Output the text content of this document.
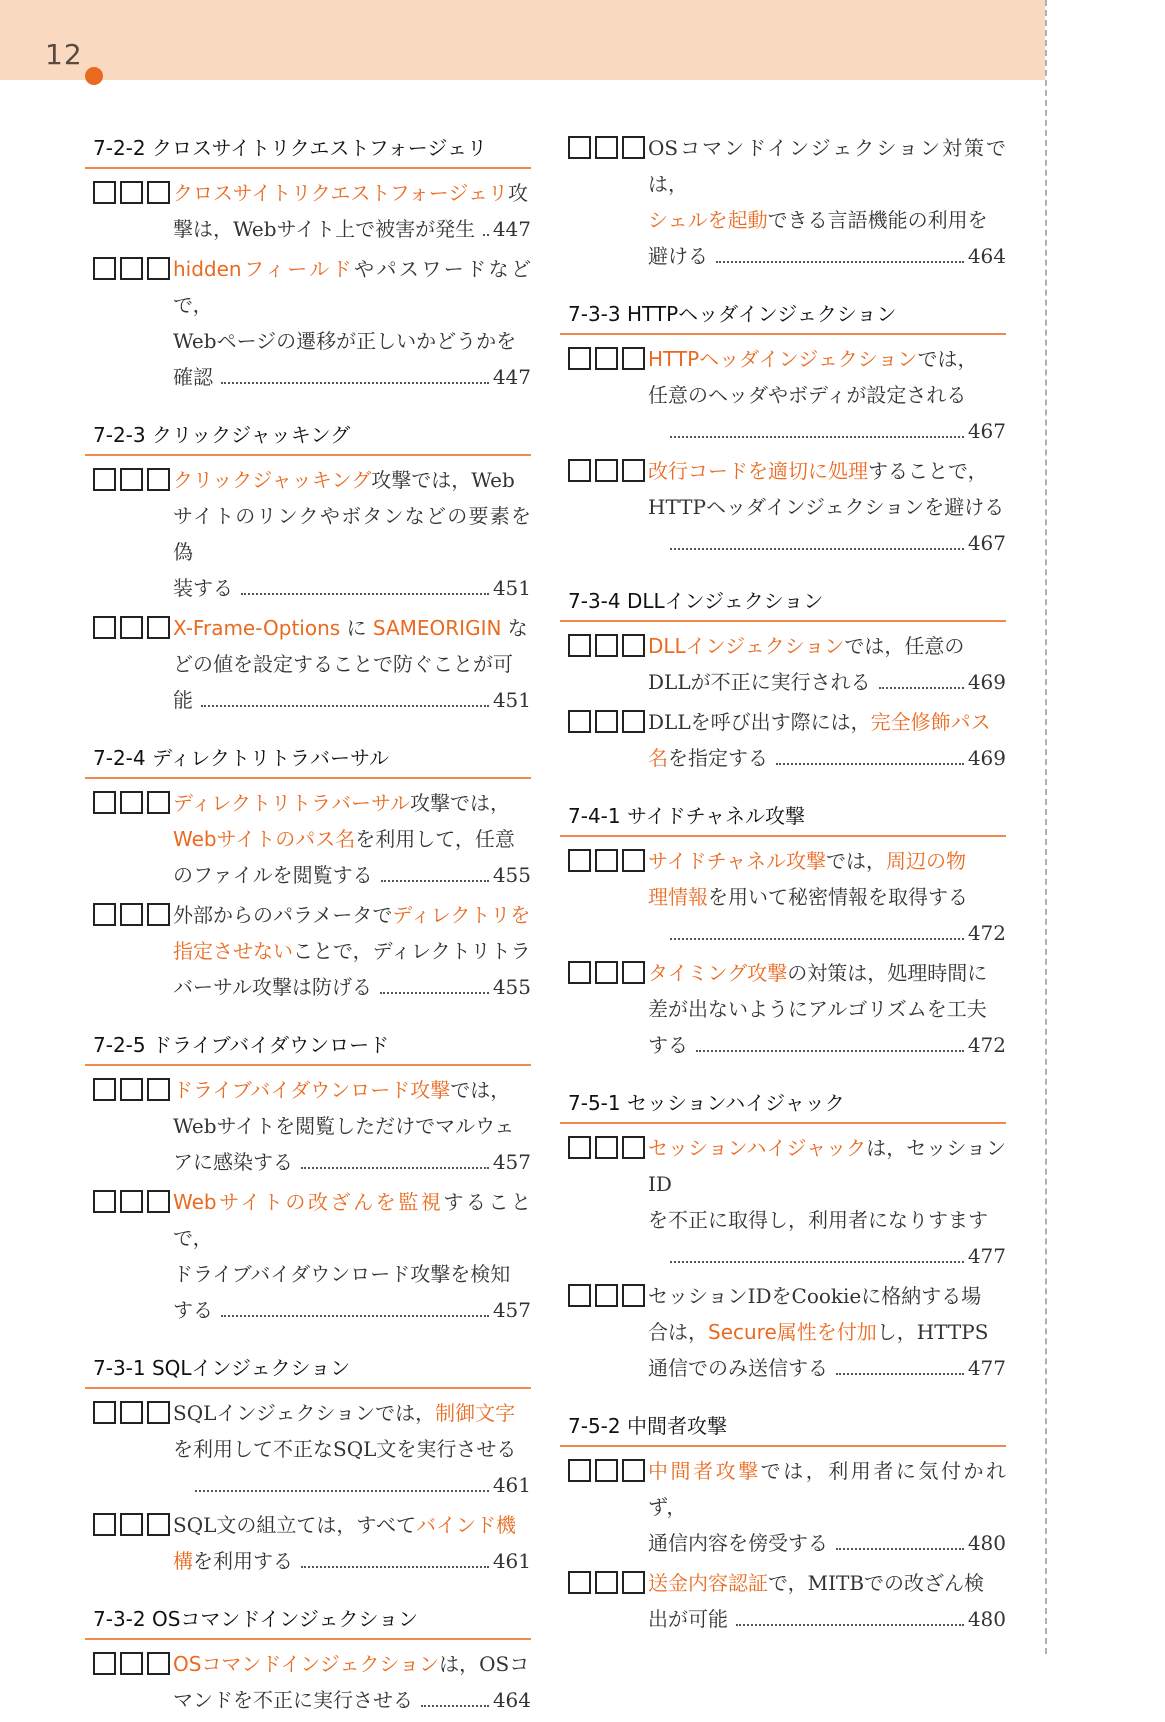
12
7-2-2 クロスサイトリクエストフォージェリ
クロスサイトリクエストフォージェリ攻
撃は，Webサイト上で被害が発生 447
hiddenフィールドやパスワードなどで，
Webページの遷移が正しいかどうかを
確認	447
7-2-3 クリックジャッキング
クリックジャッキング攻撃では，Web
サイトのリンクやボタンなどの要素を偽
装する	451
X-Frame-Options に SAMEORIGIN な
どの値を設定することで防ぐことが可
能	451
7-2-4 ディレクトリトラバーサル
ディレクトリトラバーサル攻撃では，
Webサイトのパス名を利用して，任意
のファイルを閲覧する	455
外部からのパラメータでディレクトリを
指定させないことで，ディレクトリトラ
バーサル攻撃は防げる	455
7-2-5 ドライブバイダウンロード
ドライブバイダウンロード攻撃では，
Webサイトを閲覧しただけでマルウェ
アに感染する	457
Webサイトの改ざんを監視することで，
ドライブバイダウンロード攻撃を検知
する	457
7-3-1 SQLインジェクション
SQLインジェクションでは，制御文字
を利用して不正なSQL文を実行させる
461
SQL文の組立ては，すべてバインド機
構を利用する	461
7-3-2 OSコマンドインジェクション
OSコマンドインジェクションは，OSコ
マンドを不正に実行させる	464
OSコマンドインジェクション対策では，
シェルを起動できる言語機能の利用を
避ける	464
7-3-3 HTTPヘッダインジェクション
HTTPヘッダインジェクションでは，
任意のヘッダやボディが設定される
467
改行コードを適切に処理することで，
HTTPヘッダインジェクションを避ける
467
7-3-4 DLLインジェクション
DLLインジェクションでは，任意の
DLLが不正に実行される	469
DLLを呼び出す際には，完全修飾パス
名を指定する	469
7-4-1 サイドチャネル攻撃
サイドチャネル攻撃では，周辺の物
理情報を用いて秘密情報を取得する
472
タイミング攻撃の対策は，処理時間に
差が出ないようにアルゴリズムを工夫
する	472
7-5-1 セッションハイジャック
セッションハイジャックは，セッションID
を不正に取得し，利用者になりすます
477
セッションIDをCookieに格納する場
合は，Secure属性を付加し，HTTPS
通信でのみ送信する	477
7-5-2 中間者攻撃
中間者攻撃では，利用者に気付かれず，
通信内容を傍受する	480
送金内容認証で，MITBでの改ざん検
出が可能	480
